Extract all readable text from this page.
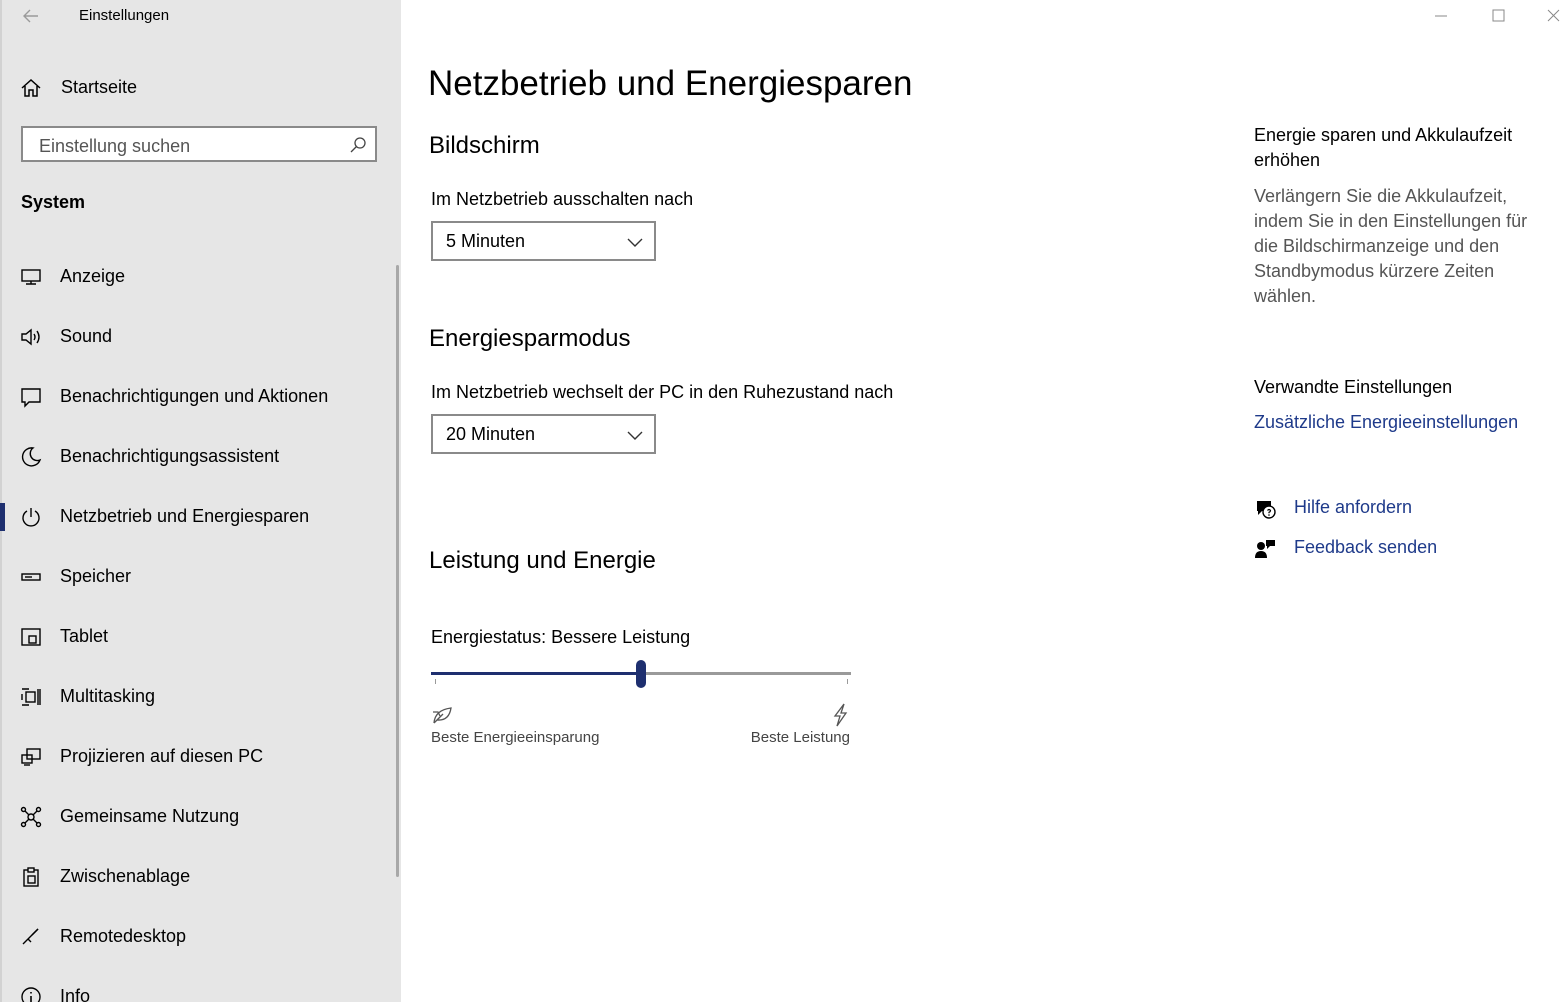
Einstellungen
Startseite
Einstellung suchen
System
Anzeige
Sound
Benachrichtigungen und Aktionen
Benachrichtigungsassistent
Netzbetrieb und Energiesparen
Speicher
Tablet
Multitasking
Projizieren auf diesen PC
Gemeinsame Nutzung
Zwischenablage
Remotedesktop
Info
Netzbetrieb und Energiesparen
Bildschirm
Im Netzbetrieb ausschalten nach
5 Minuten
Energiesparmodus
Im Netzbetrieb wechselt der PC in den Ruhezustand nach
20 Minuten
Leistung und Energie
Energiestatus: Bessere Leistung
Beste Energieeinsparung	Beste Leistung
Energie sparen und Akkulaufzeit erhöhen
Verlängern Sie die Akkulaufzeit, indem Sie in den Einstellungen für die Bildschirmanzeige und den Standbymodus kürzere Zeiten wählen.
Verwandte Einstellungen
Zusätzliche Energieeinstellungen
Hilfe anfordern
Feedback senden
